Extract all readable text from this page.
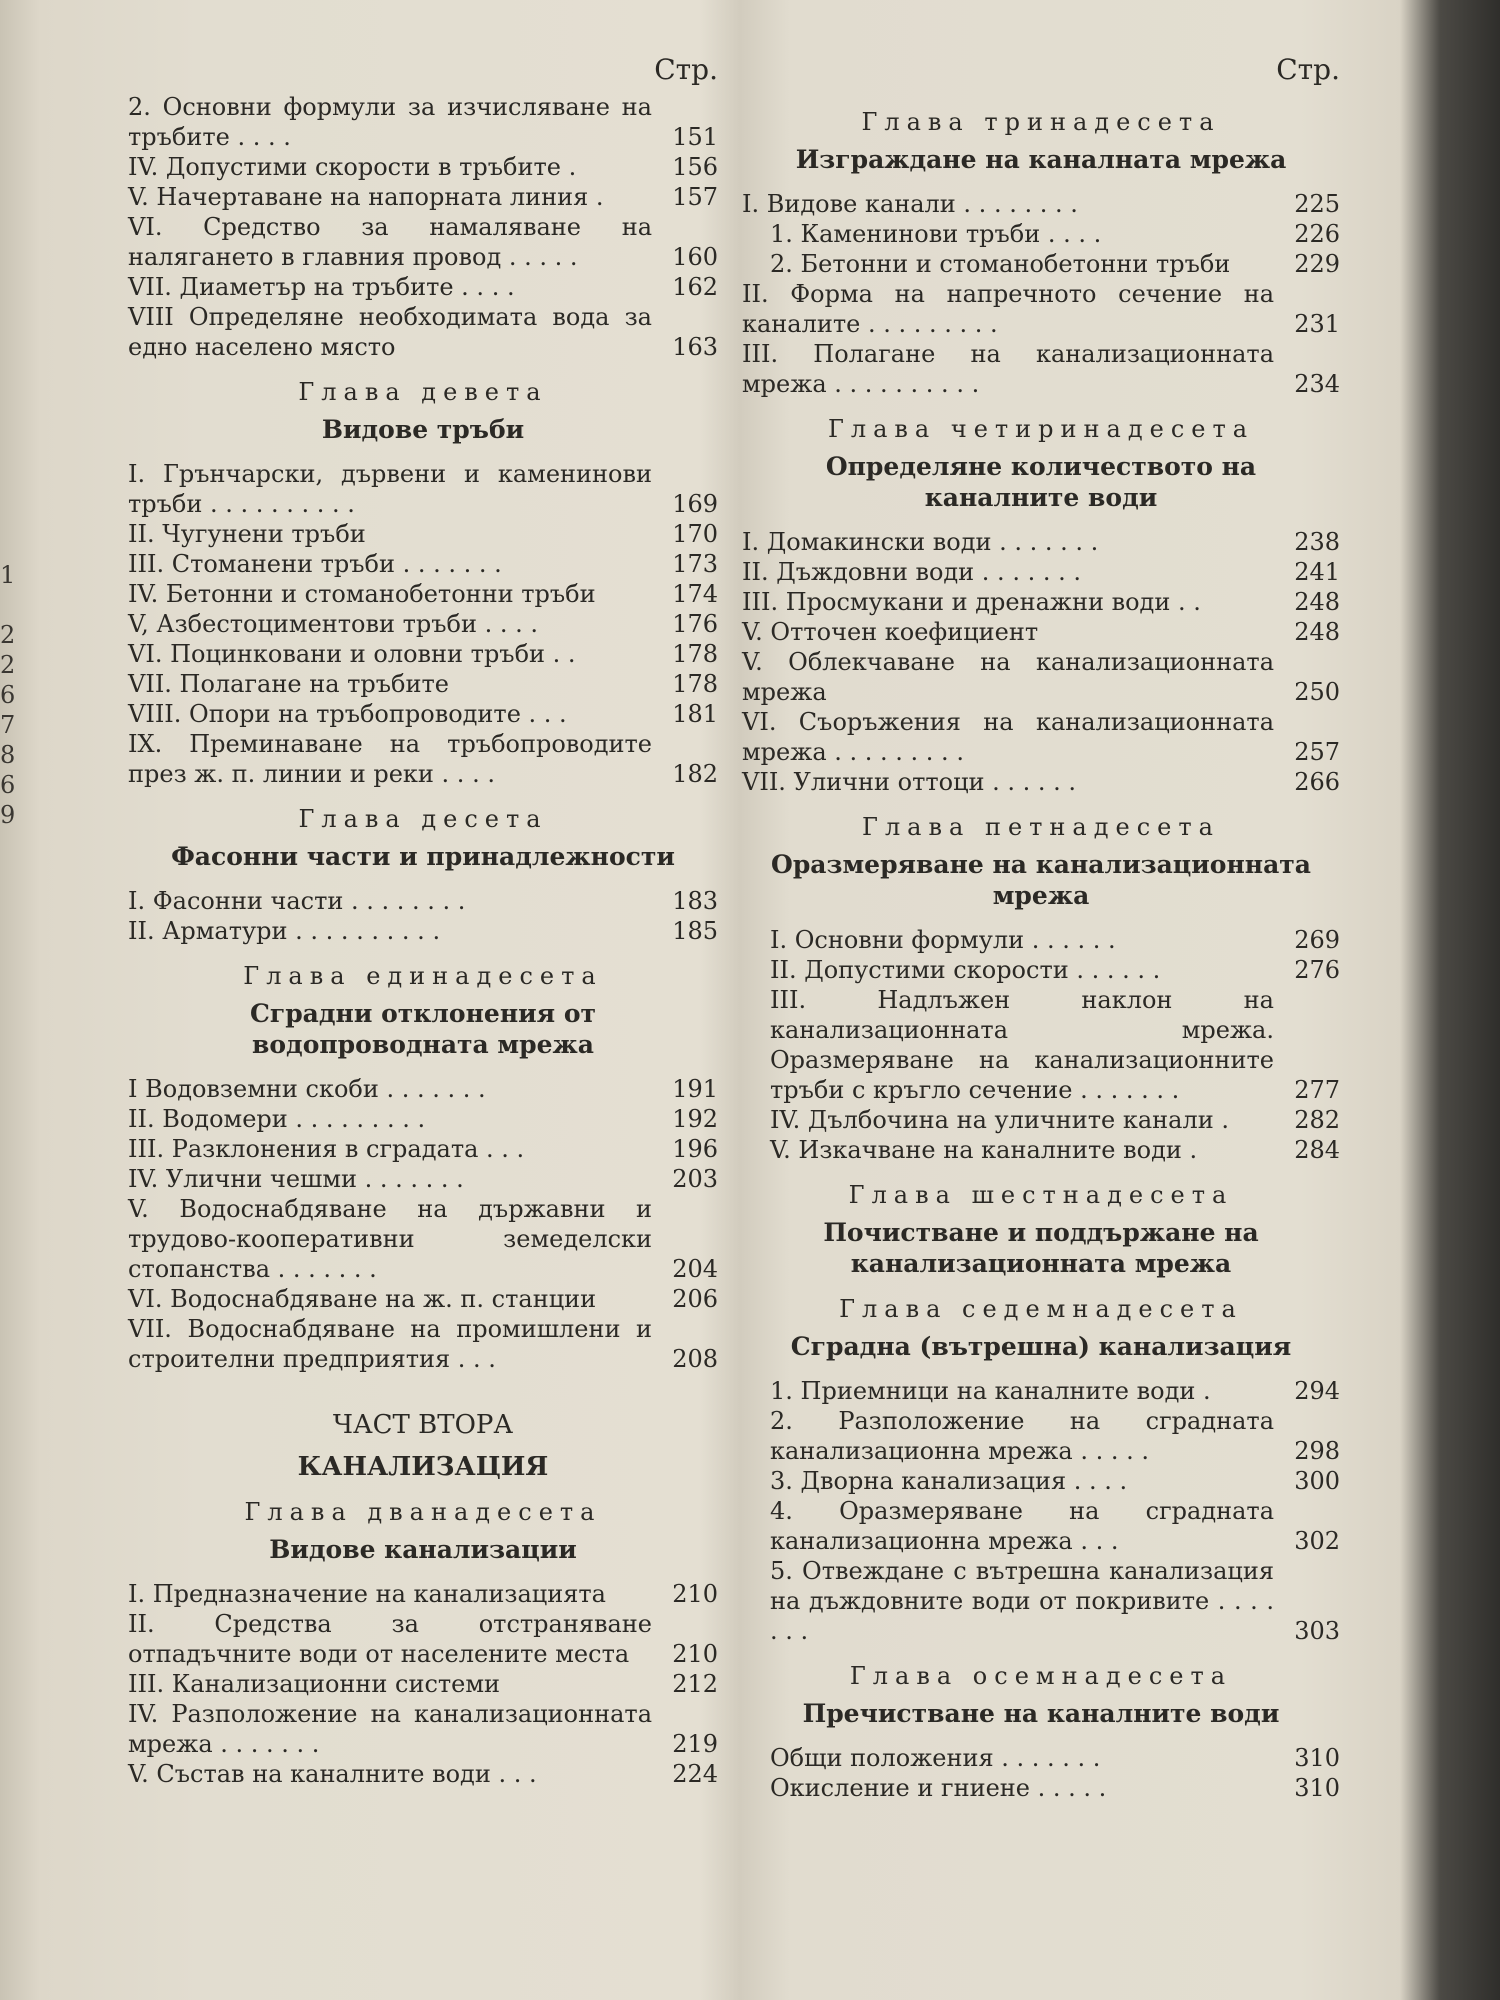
1
2
2
6
7
8
6
9
Стр.
2. Основни формули за изчисляване на тръбите . . . .	151
IV. Допустими скорости в тръбите .	156
V. Начертаване на напорната линия .	157
VI. Средство за намаляване на налягането в главния провод . . . . .	160
VII. Диаметър на тръбите . . . .	162
VIII Определяне необходимата вода за едно населено място	163
Глава девета
Видове тръби
I. Грънчарски, дървени и каменинови тръби . . . . . . . . . .	169
II. Чугунени тръби	170
III. Стоманени тръби . . . . . . .	173
IV. Бетонни и стоманобетонни тръби	174
V, Азбестоциментови тръби . . . .	176
VI. Поцинковани и оловни тръби . .	178
VII. Полагане на тръбите	178
VIII. Опори на тръбопроводите . . .	181
IX. Преминаване на тръбопроводите през ж. п. линии и реки . . . .	182
Глава десета
Фасонни части и принадлежности
I. Фасонни части . . . . . . . .	183
II. Арматури . . . . . . . . . .	185
Глава единадесета
Сградни отклонения от водопроводната мрежа
I Водовземни скоби . . . . . . .	191
II. Водомери . . . . . . . . .	192
III. Разклонения в сградата . . .	196
IV. Улични чешми . . . . . . .	203
V. Водоснабдяване на държавни и трудово-кооперативни земеделски стопанства . . . . . . .	204
VI. Водоснабдяване на ж. п. станции	206
VII. Водоснабдяване на промишлени и строителни предприятия . . .	208
ЧАСТ ВТОРА
КАНАЛИЗАЦИЯ
Глава дванадесета
Видове канализации
I. Предназначение на канализацията	210
II. Средства за отстраняване отпадъчните води от населените места	210
III. Канализационни системи	212
IV. Разположение на канализационната мрежа . . . . . . .	219
V. Състав на каналните води . . .	224
Стр.
Глава тринадесета
Изграждане на каналната мрежа
I. Видове канали . . . . . . . .	225
1. Каменинови тръби . . . .	226
2. Бетонни и стоманобетонни тръби	229
II. Форма на напречното сечение на каналите . . . . . . . . .	231
III. Полагане на канализационната мрежа . . . . . . . . . .	234
Глава четиринадесета
Определяне количеството на каналните води
I. Домакински води . . . . . . .	238
II. Дъждовни води . . . . . . .	241
III. Просмукани и дренажни води . .	248
V. Отточен коефициент	248
V. Облекчаване на канализационната мрежа	250
VI. Съоръжения на канализационната мрежа . . . . . . . . .	257
VII. Улични оттоци . . . . . .	266
Глава петнадесета
Оразмеряване на канализационната мрежа
I. Основни формули . . . . . .	269
II. Допустими скорости . . . . . .	276
III. Надлъжен наклон на канализационната мрежа. Оразмеряване на канализационните тръби с кръгло сечение . . . . . . .	277
IV. Дълбочина на уличните канали .	282
V. Изкачване на каналните води .	284
Глава шестнадесета
Почистване и поддържане на канализационната мрежа
Глава седемнадесета
Сградна (вътрешна) канализация
1. Приемници на каналните води .	294
2. Разположение на сградната канализационна мрежа . . . . .	298
3. Дворна канализация . . . .	300
4. Оразмеряване на сградната канализационна мрежа . . .	302
5. Отвеждане с вътрешна канализация на дъждовните води от покривите . . . . . . .	303
Глава осемнадесета
Пречистване на каналните води
Общи положения . . . . . . .	310
Окисление и гниене . . . . .	310
